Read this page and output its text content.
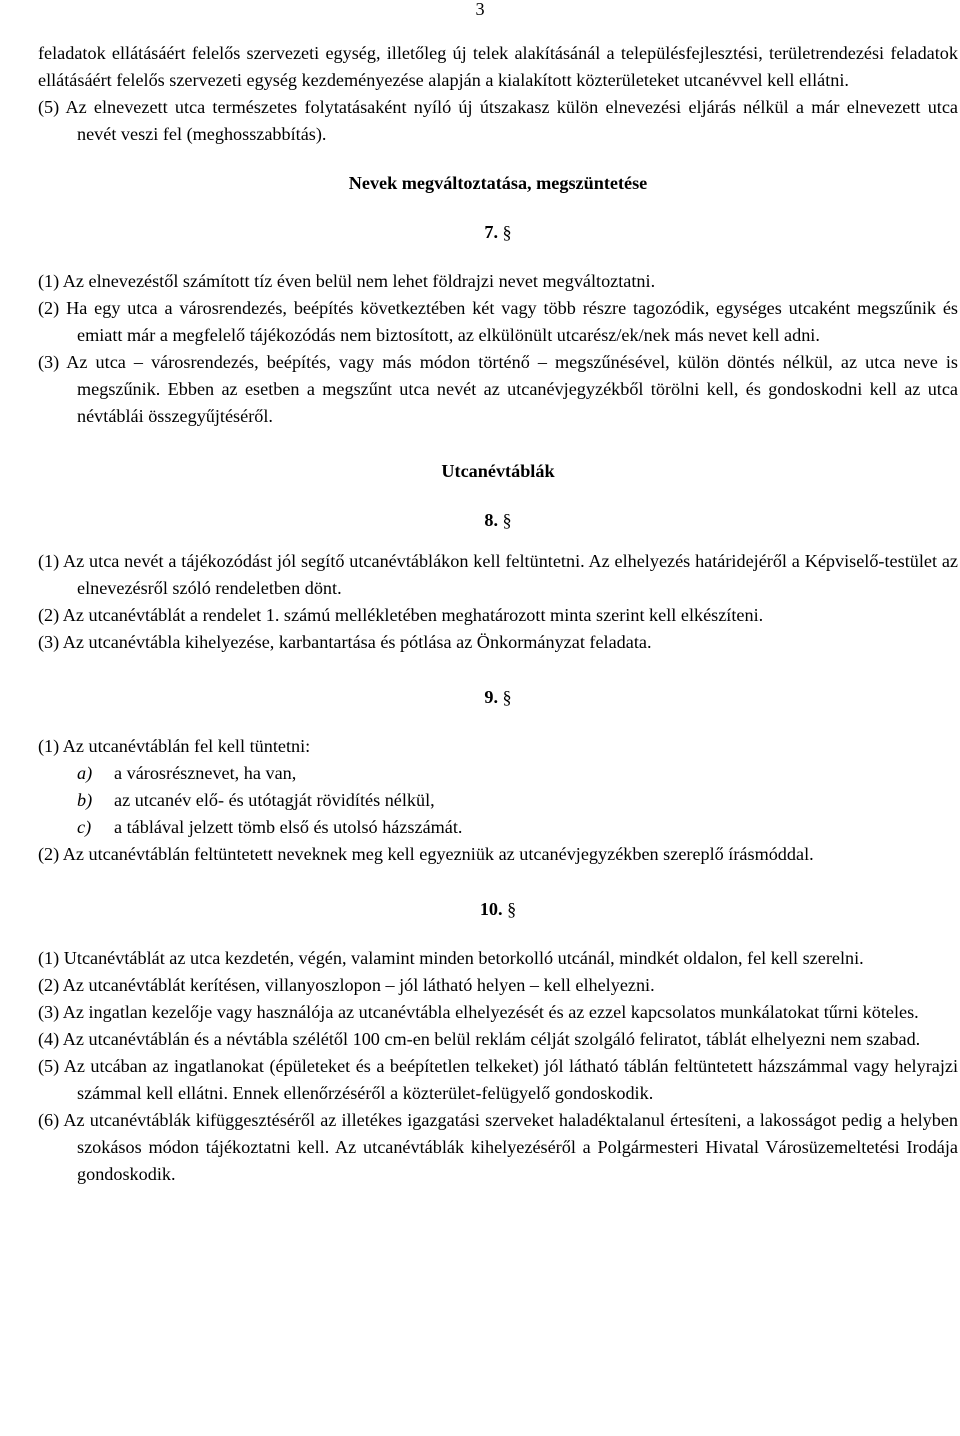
3

feladatok ellátásáért felelős szervezeti egység, illetőleg új telek alakításánál a településfejlesztési, területrendezési feladatok ellátásáért felelős szervezeti egység kezdeményezése alapján a kialakított közterületeket utcanévvel kell ellátni.

(5) Az elnevezett utca természetes folytatásaként nyíló új útszakasz külön elnevezési eljárás nélkül a már elnevezett utca nevét veszi fel (meghosszabbítás).

Nevek megváltoztatása, megszüntetése

7. §

(1) Az elnevezéstől számított tíz éven belül nem lehet földrajzi nevet megváltoztatni.

(2) Ha egy utca a városrendezés, beépítés következtében két vagy több részre tagozódik, egységes utcaként megszűnik és emiatt már a megfelelő tájékozódás nem biztosított, az elkülönült utcarész/ek/nek más nevet kell adni.

(3) Az utca – városrendezés, beépítés, vagy más módon történő – megszűnésével, külön döntés nélkül, az utca neve is megszűnik. Ebben az esetben a megszűnt utca nevét az utcanévjegyzékből törölni kell, és gondoskodni kell az utca névtáblái összegyűjtéséről.

Utcanévtáblák

8. §

(1) Az utca nevét a tájékozódást jól segítő utcanévtáblákon kell feltüntetni. Az elhelyezés határidejéről a Képviselő-testület az elnevezésről szóló rendeletben dönt.

(2) Az utcanévtáblát a rendelet 1. számú mellékletében meghatározott minta szerint kell elkészíteni.

(3) Az utcanévtábla kihelyezése, karbantartása és pótlása az Önkormányzat feladata.

9. §

(1) Az utcanévtáblán fel kell tüntetni:

a) a városrésznevet, ha van,

b) az utcanév elő- és utótagját rövidítés nélkül,

c) a táblával jelzett tömb első és utolsó házszámát.

(2) Az utcanévtáblán feltüntetett neveknek meg kell egyezniük az utcanévjegyzékben szereplő írásmóddal.

10. §

(1) Utcanévtáblát az utca kezdetén, végén, valamint minden betorkolló utcánál, mindkét oldalon, fel kell szerelni.

(2) Az utcanévtáblát kerítésen, villanyoszlopon – jól látható helyen – kell elhelyezni.

(3) Az ingatlan kezelője vagy használója az utcanévtábla elhelyezését és az ezzel kapcsolatos munkálatokat tűrni köteles.

(4) Az utcanévtáblán és a névtábla szélétől 100 cm-en belül reklám célját szolgáló feliratot, táblát elhelyezni nem szabad.

(5) Az utcában az ingatlanokat (épületeket és a beépítetlen telkeket) jól látható táblán feltüntetett házszámmal vagy helyrajzi számmal kell ellátni. Ennek ellenőrzéséről a közterület-felügyelő gondoskodik.

(6) Az utcanévtáblák kifüggesztéséről az illetékes igazgatási szerveket haladéktalanul értesíteni, a lakosságot pedig a helyben szokásos módon tájékoztatni kell. Az utcanévtáblák kihelyezéséről a Polgármesteri Hivatal Városüzemeltetési Irodája gondoskodik.
